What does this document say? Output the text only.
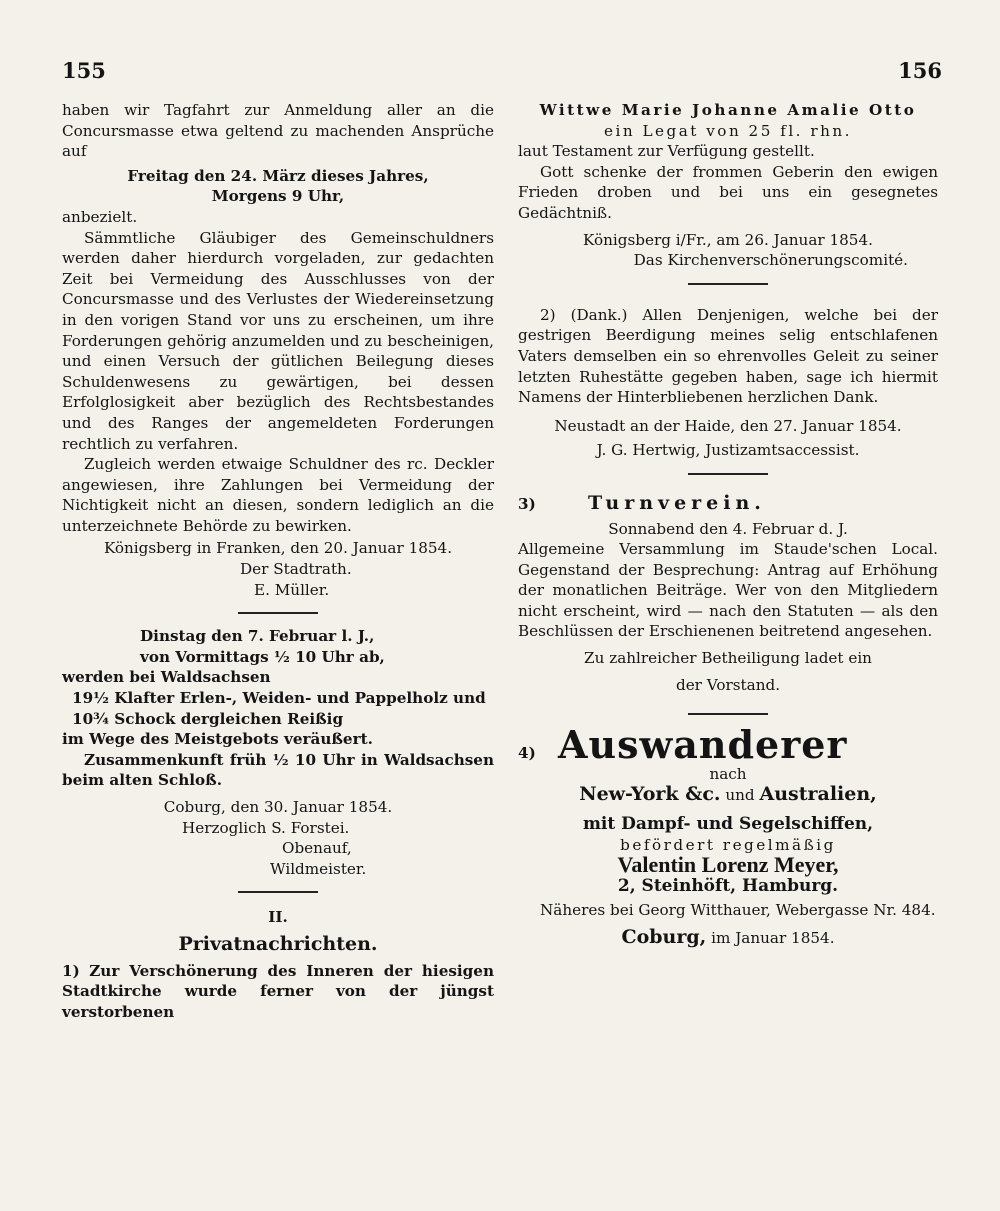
155	156

haben wir Tagfahrt zur Anmeldung aller an die Concursmasse etwa geltend zu machenden Ansprüche auf

Freitag den 24. März dieses Jahres,

Morgens 9 Uhr,

anbezielt.

Sämmtliche Gläubiger des Gemeinschuldners werden daher hierdurch vorgeladen, zur gedachten Zeit bei Vermeidung des Ausschlusses von der Concursmasse und des Verlustes der Wiedereinsetzung in den vorigen Stand vor uns zu erscheinen, um ihre Forderungen gehörig anzumelden und zu bescheinigen, und einen Versuch der gütlichen Beilegung dieses Schuldenwesens zu gewärtigen, bei dessen Erfolglosigkeit aber bezüglich des Rechtsbestandes und des Ranges der angemeldeten Forderungen rechtlich zu verfahren.

Zugleich werden etwaige Schuldner des rc. Deckler angewiesen, ihre Zahlungen bei Vermeidung der Nichtigkeit nicht an diesen, sondern lediglich an die unterzeichnete Behörde zu bewirken.

Königsberg in Franken, den 20. Januar 1854.

Der Stadtrath.

E. Müller.

Dinstag den 7. Februar l. J.,

von Vormittags ½ 10 Uhr ab,

werden bei Waldsachsen

19½ Klafter Erlen-, Weiden- und Pappelholz und

10¾ Schock dergleichen Reißig

im Wege des Meistgebots veräußert.

Zusammenkunft früh ½ 10 Uhr in Waldsachsen beim alten Schloß.

Coburg, den 30. Januar 1854.

Herzoglich S. Forstei.

Obenauf,

Wildmeister.

II.

Privatnachrichten.

1) Zur Verschönerung des Inneren der hiesigen Stadtkirche wurde ferner von der jüngst verstorbenen

Wittwe Marie Johanne Amalie Otto

ein Legat von 25 fl. rhn.

laut Testament zur Verfügung gestellt.

Gott schenke der frommen Geberin den ewigen Frieden droben und bei uns ein gesegnetes Gedächtniß.

Königsberg i/Fr., am 26. Januar 1854.

Das Kirchenverschönerungscomité.

2) (Dank.) Allen Denjenigen, welche bei der gestrigen Beerdigung meines selig entschlafenen Vaters demselben ein so ehrenvolles Geleit zu seiner letzten Ruhestätte gegeben haben, sage ich hiermit Namens der Hinterbliebenen herzlichen Dank.

Neustadt an der Haide, den 27. Januar 1854.

J. G. Hertwig, Justizamtsaccessist.

3)	Turnverein.

Sonnabend den 4. Februar d. J.

Allgemeine Versammlung im Staude'schen Local. Gegenstand der Besprechung: Antrag auf Erhöhung der monatlichen Beiträge. Wer von den Mitgliedern nicht erscheint, wird — nach den Statuten — als den Beschlüssen der Erschienenen beitretend angesehen.

Zu zahlreicher Betheiligung ladet ein

der Vorstand.

4) Auswanderer

nach

New-York &c. und Australien,

mit Dampf- und Segelschiffen,

befördert regelmäßig

Valentin Lorenz Meyer,

2, Steinhöft, Hamburg.

Näheres bei Georg Witthauer, Webergasse Nr. 484.

Coburg, im Januar 1854.
